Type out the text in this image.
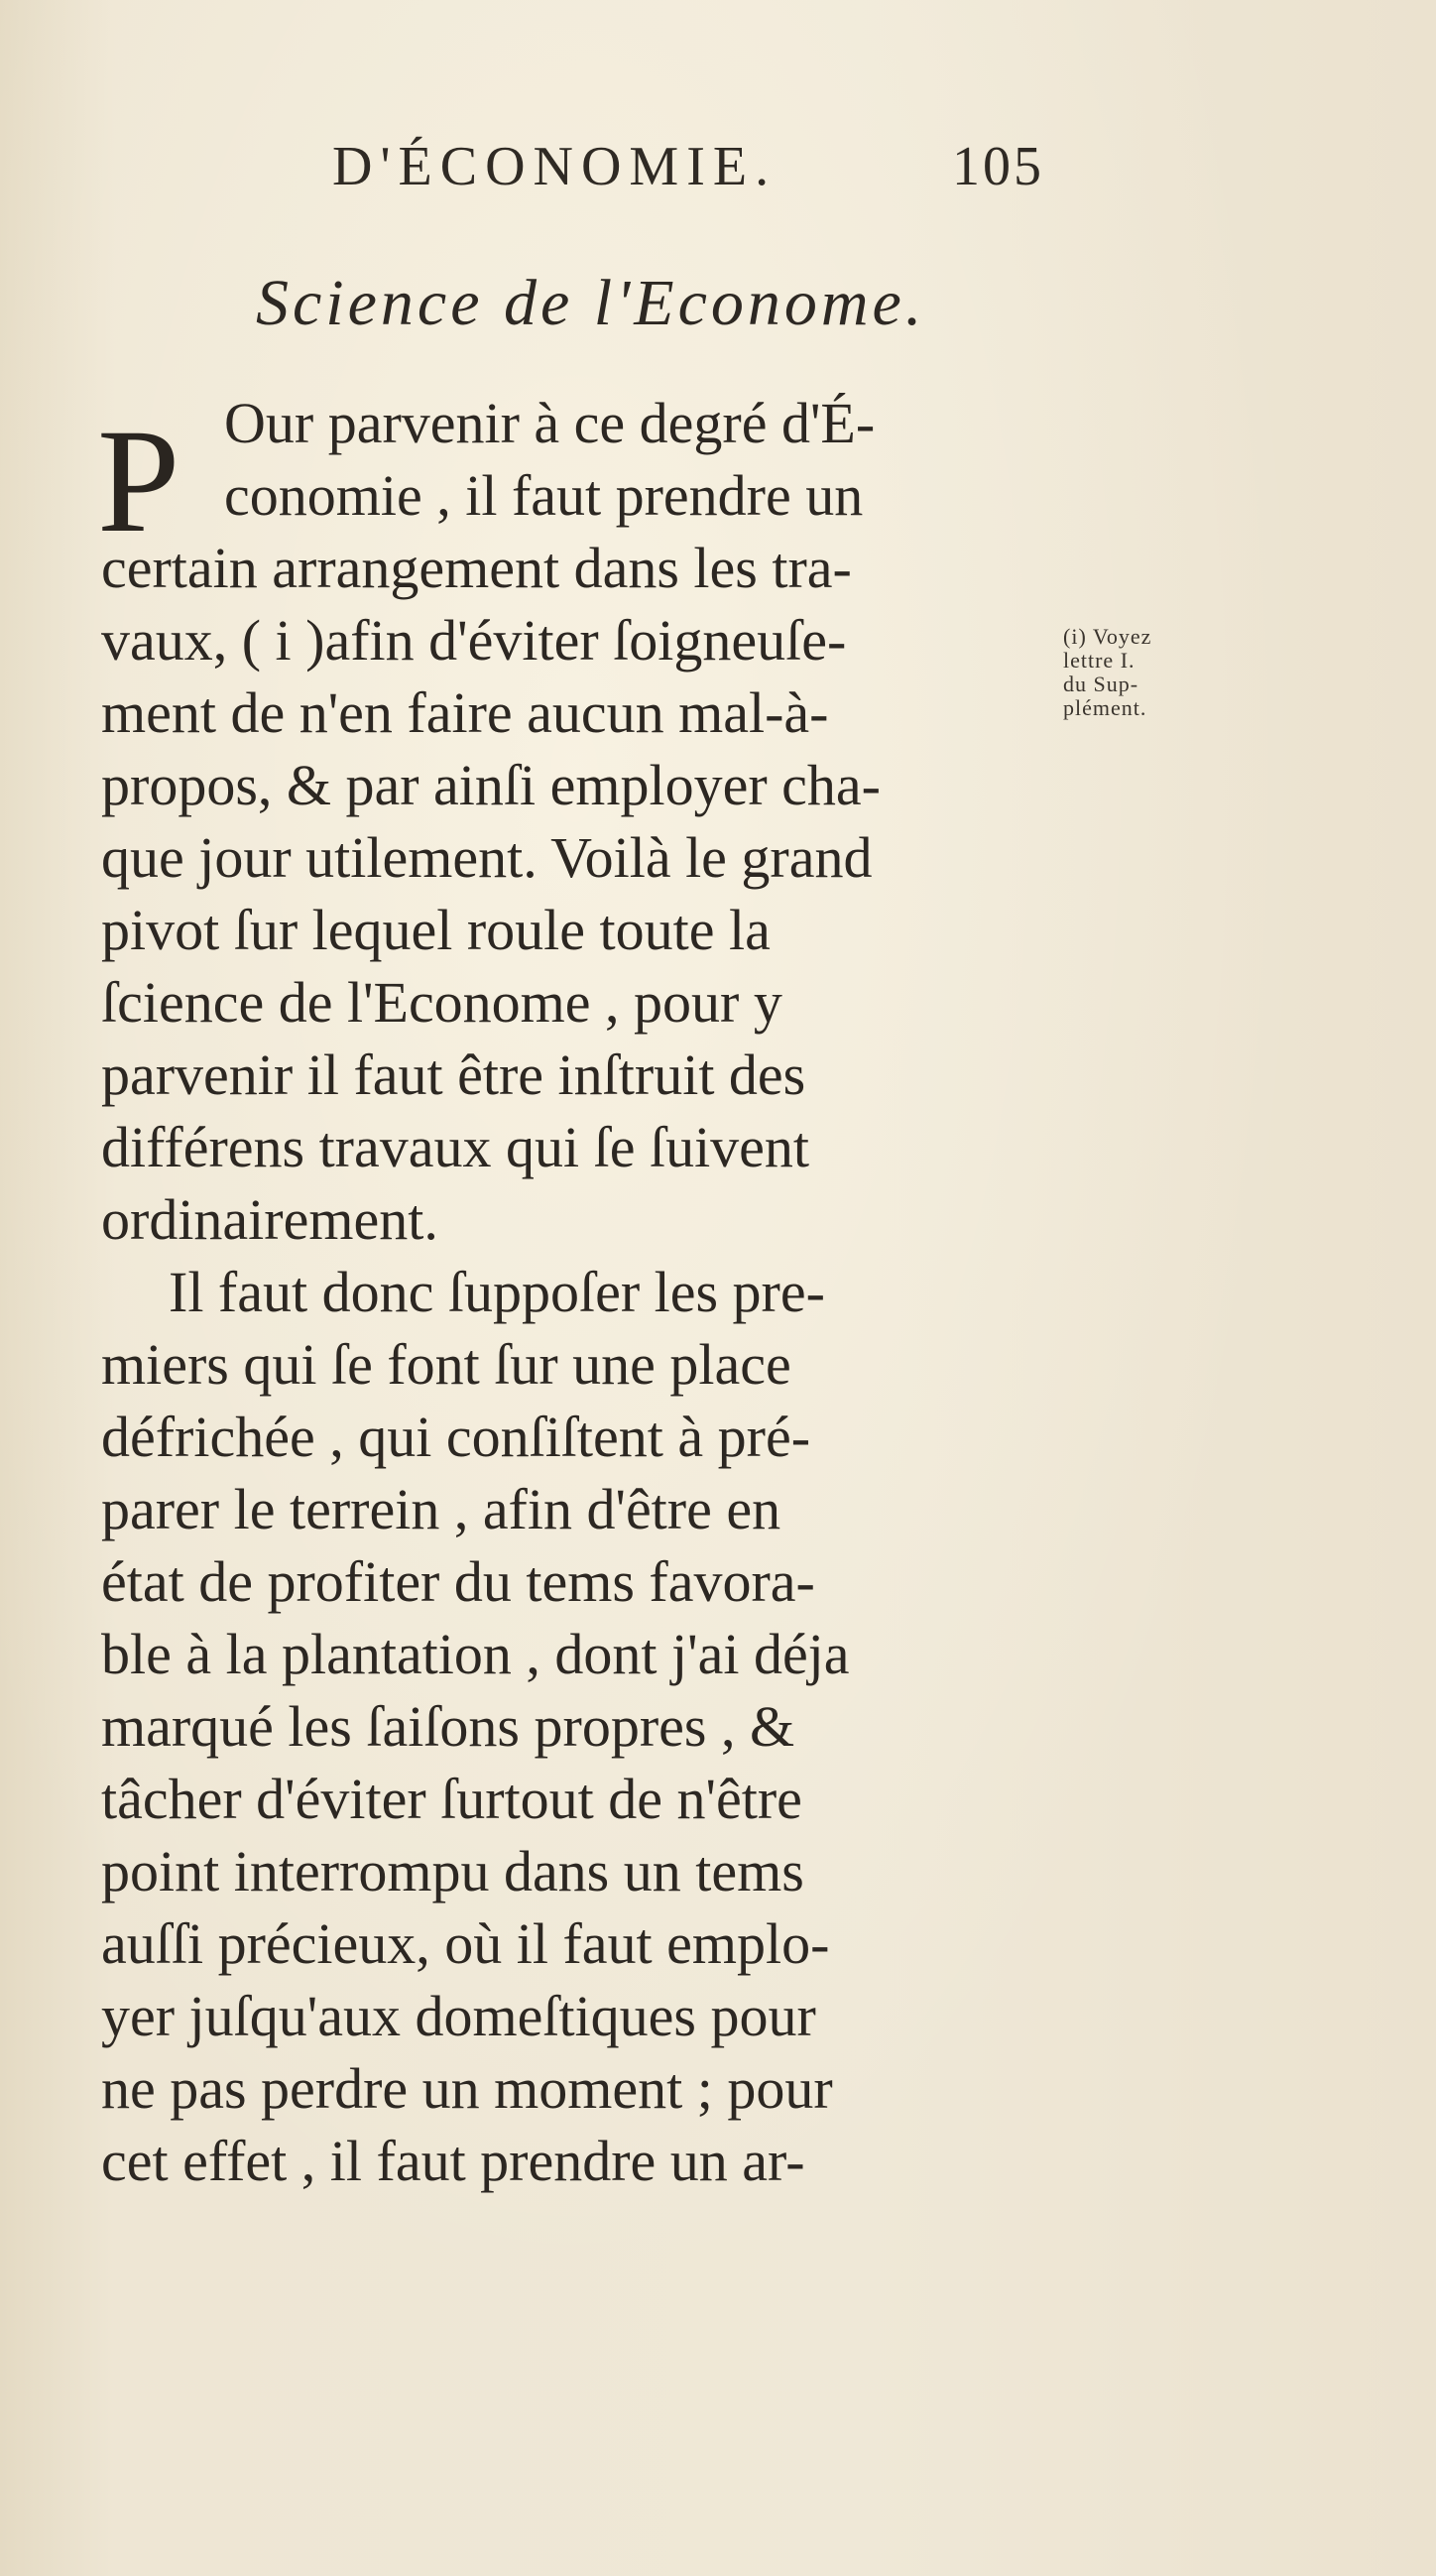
D'ÉCONOMIE.	105
Science de l'Econome.
P Our parvenir à ce degré d'É-
conomie , il faut prendre un
certain arrangement dans les tra-
vaux, ( i )afin d'éviter ſoigneuſe-
ment de n'en faire aucun mal-à-
propos, & par ainſi employer cha-
que jour utilement. Voilà le grand
pivot ſur lequel roule toute la
ſcience de l'Econome , pour y
parvenir il faut être inſtruit des
différens travaux qui ſe ſuivent
ordinairement.
Il faut donc ſuppoſer les pre-
miers qui ſe font ſur une place
défrichée , qui conſiſtent à pré-
parer le terrein , afin d'être en
état de profiter du tems favora-
ble à la plantation , dont j'ai déja
marqué les ſaiſons propres , &
tâcher d'éviter ſurtout de n'être
point interrompu dans un tems
auſſi précieux, où il faut emplo-
yer juſqu'aux domeſtiques pour
ne pas perdre un moment ; pour
cet effet , il faut prendre un ar-
(i) Voyez
lettre I.
du Sup-
plément.
